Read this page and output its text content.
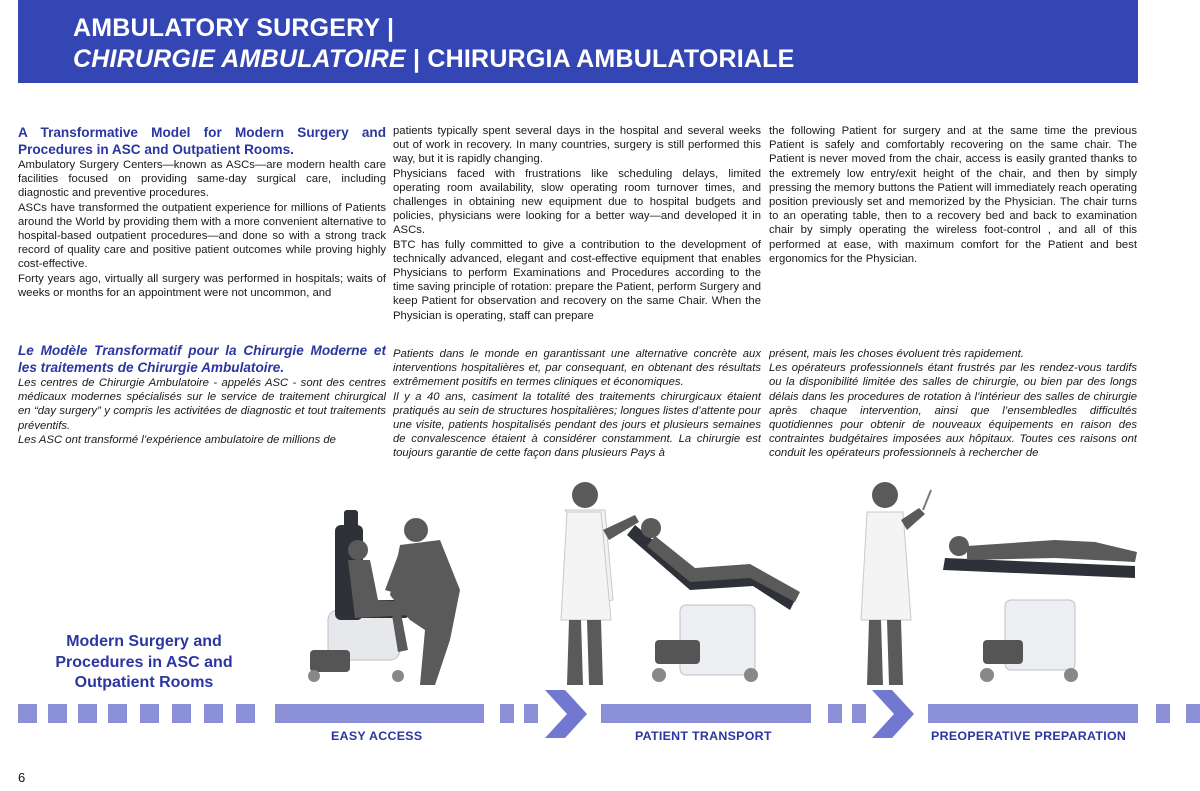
AMBULATORY SURGERY |
CHIRURGIE AMBULATOIRE | CHIRURGIA AMBULATORIALE

A Transformative Model for Modern Surgery and Procedures in ASC and Outpatient Rooms.

Ambulatory Surgery Centers—known as ASCs—are modern health care facilities focused on providing same-day surgical care, including diagnostic and preventive procedures.

ASCs have transformed the outpatient experience for millions of Patients around the World by providing them with a more convenient alternative to hospital-based outpatient procedures—and done so with a strong track record of quality care and positive patient outcomes while proving highly cost-effective.

Forty years ago, virtually all surgery was performed in hospitals; waits of weeks or months for an appointment were not uncommon, and

patients typically spent several days in the hospital and several weeks out of work in recovery. In many countries, surgery is still performed this way, but it is rapidly changing.

Physicians faced with frustrations like scheduling delays, limited operating room availability, slow operating room turnover times, and challenges in obtaining new equipment due to hospital budgets and policies, physicians were looking for a better way—and developed it in ASCs.

BTC has fully committed to give a contribution to the development of technically advanced, elegant and cost-effective equipment that enables Physicians to perform Examinations and Procedures according to the time saving principle of rotation: prepare the Patient, perform Surgery and keep Patient for observation and recovery on the same Chair. When the Physician is operating, staff can prepare

the following Patient for surgery and at the same time the previous Patient is safely and comfortably recovering on the same chair. The Patient is never moved from the chair, access is easily granted thanks to the extremely low entry/exit height of the chair, and then by simply pressing the memory buttons the Patient will immediately reach operating position previously set and memorized by the Physician. The chair turns to an operating table, then to a recovery bed and back to examination chair by simply operating the wireless foot-control , and all of this performed at ease, with maximum comfort for the Patient and best ergonomics for the Physician.

Le Modèle Transformatif pour la Chirurgie Moderne et les traitements de Chirurgie Ambulatoire.

Les centres de Chirurgie Ambulatoire - appelés ASC - sont des centres médicaux modernes spécialisés sur le service de traitement chirurgical en “day surgery” y compris les activitées de diagnostic et tout traitements préventifs.

Les ASC ont transformé l’expérience ambulatoire de millions de

Patients dans le monde en garantissant une alternative concrète aux interventions hospitalières et, par consequant, en obtenant des résultats extrêmement positifs en termes cliniques et économiques.

Il y a 40 ans, casiment la totalité des traitements chirurgicaux étaient pratiqués au sein de structures hospitalières; longues listes d’attente pour une visite, patients hospitalisés pendant des jours et plusieurs semaines de convalescence étaient à considérer constamment. La chirurgie est toujours garantie de cette façon dans plusieurs Pays à

présent, mais les choses évoluent très rapidement.

Les opérateurs professionnels étant frustrés par les rendez-vous tardifs ou la disponibilité limitée des salles de chirurgie, ou bien par des longs délais dans les procedures de rotation à l’intérieur des salles de chirurgie après chaque intervention, ainsi que l’ensembledles difficultés quotidiennes pour obtenir de nouveaux équipements en raison des contraintes budgétaires imposées aux hôpitaux. Toutes ces raisons ont conduit les opérateurs professionnels à rechercher de

Modern Surgery and Procedures in ASC and Outpatient Rooms
EASY ACCESS	PATIENT TRANSPORT	PREOPERATIVE PREPARATION
6
